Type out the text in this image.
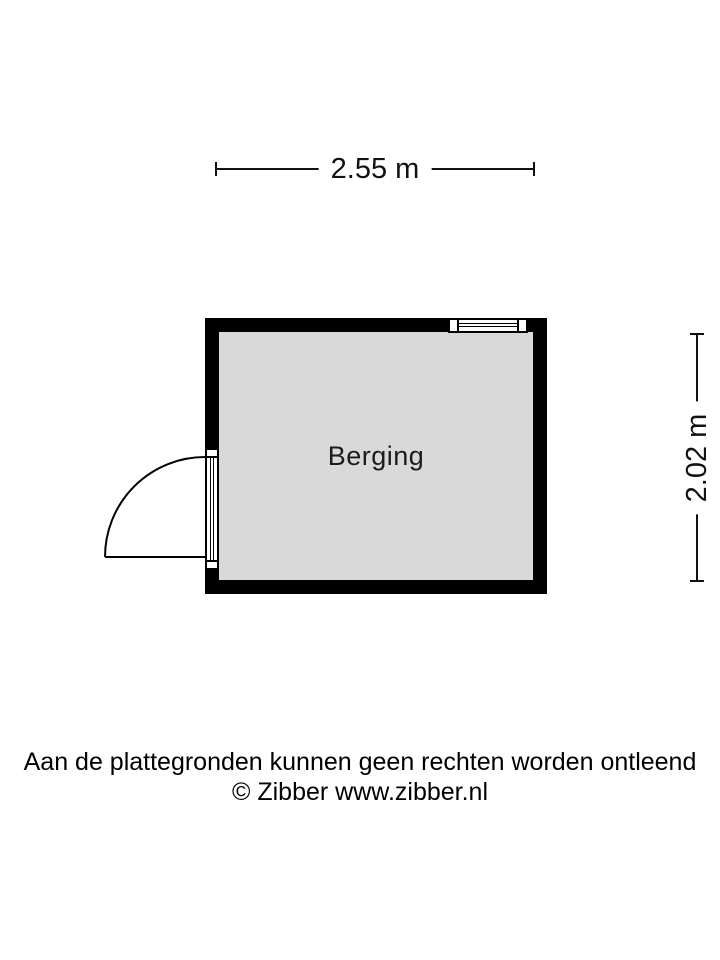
2.55 m
2.02 m
Berging
Aan de plattegronden kunnen geen rechten worden ontleend
© Zibber www.zibber.nl
